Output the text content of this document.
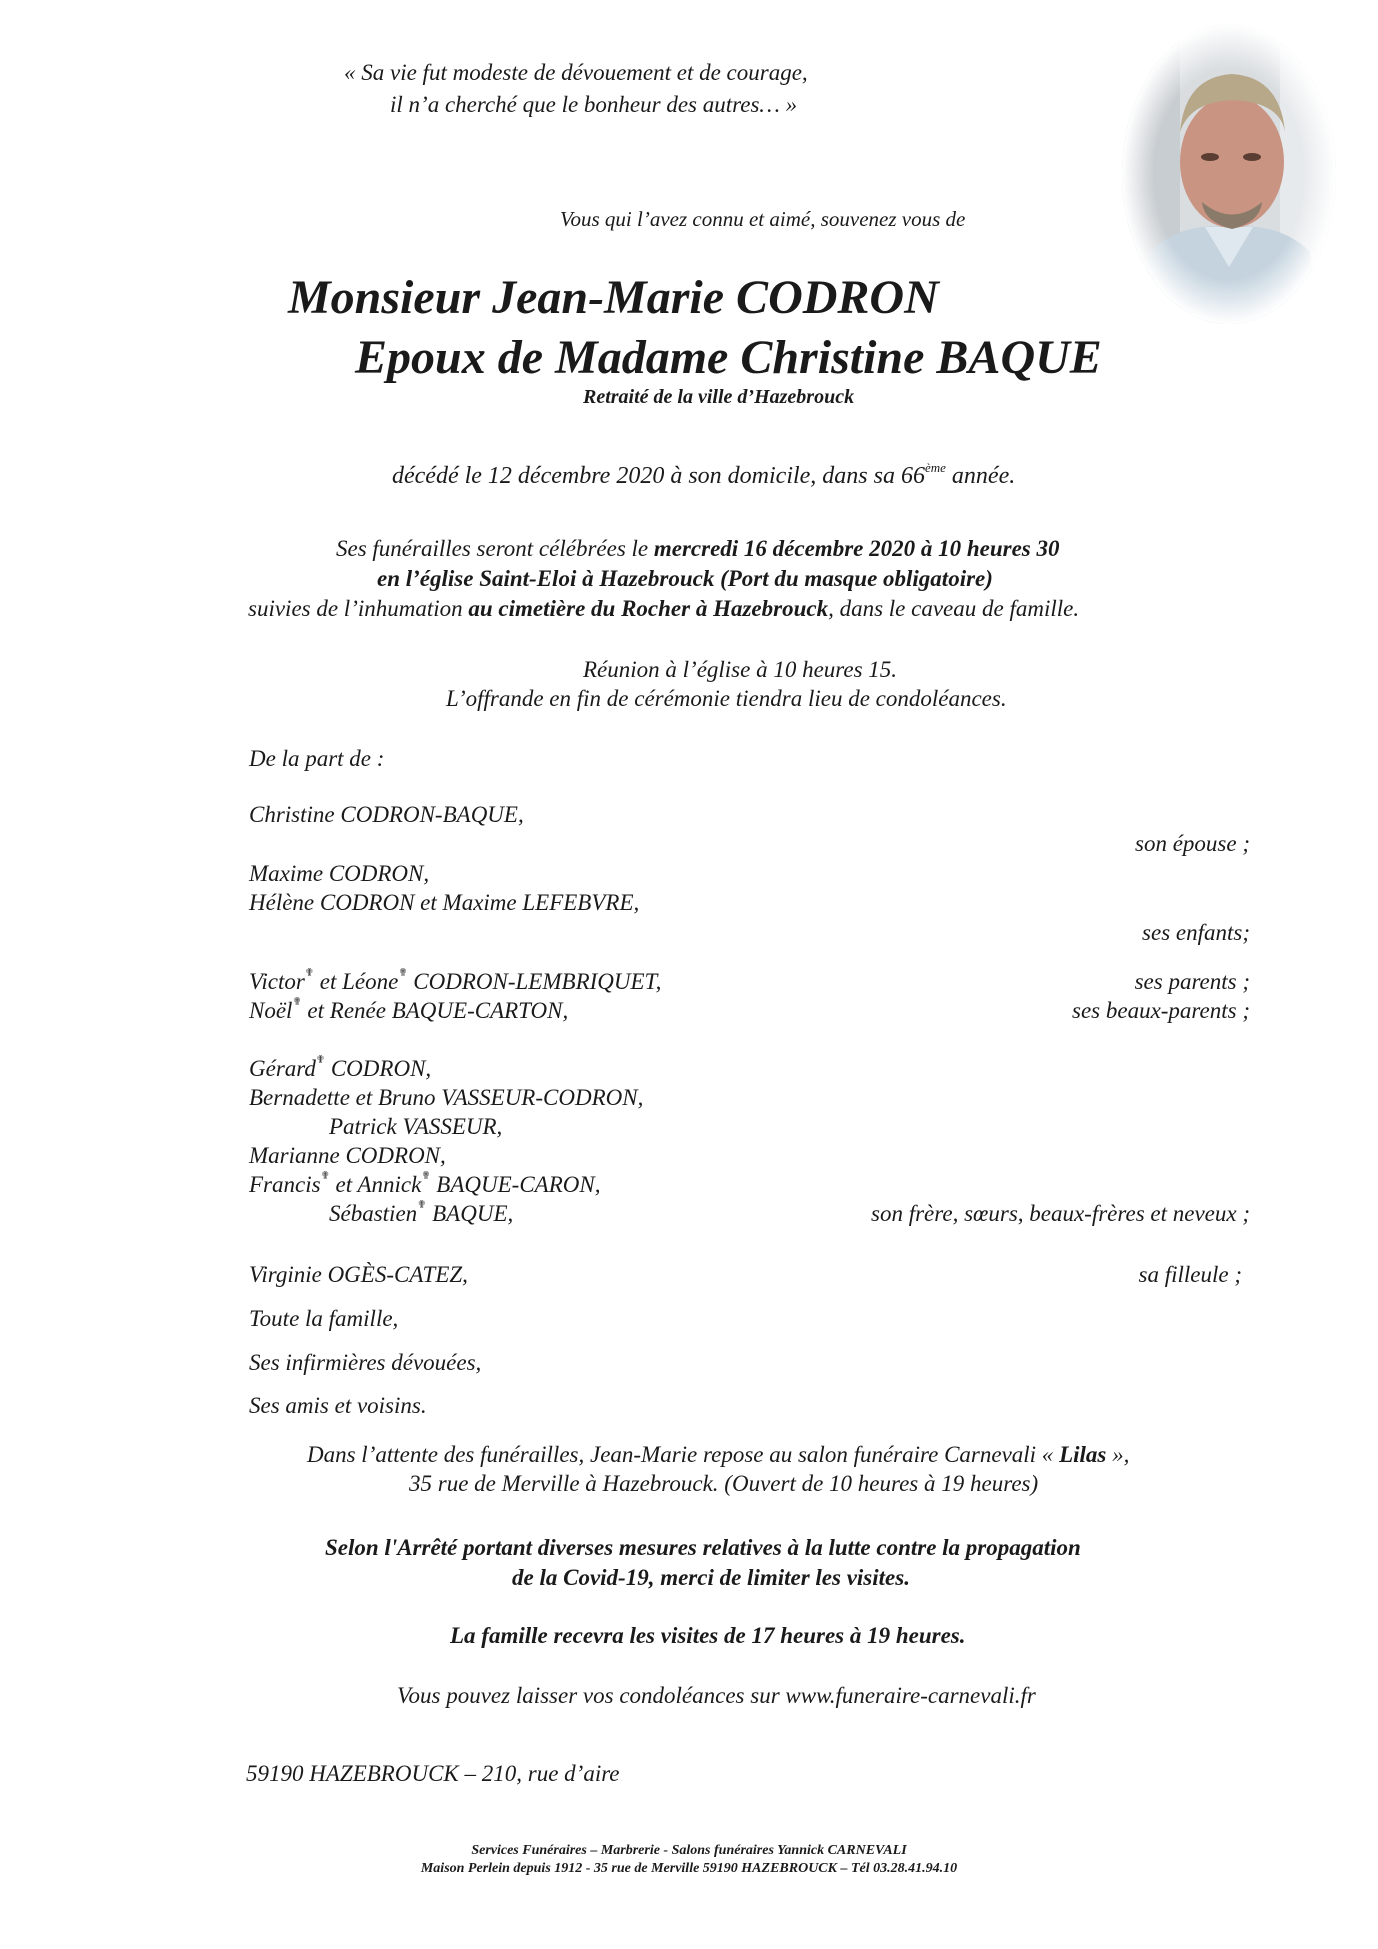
« Sa vie fut modeste de dévouement et de courage,
il n’a cherché que le bonheur des autres… »
Vous qui l’avez connu et aimé, souvenez vous de
Monsieur Jean-Marie CODRON
Epoux de Madame Christine BAQUE
Retraité de la ville d’Hazebrouck
décédé le 12 décembre 2020 à son domicile, dans sa 66ème année.
Ses funérailles seront célébrées le mercredi 16 décembre 2020 à 10 heures 30
en l’église Saint-Eloi à Hazebrouck (Port du masque obligatoire)
suivies de l’inhumation au cimetière du Rocher à Hazebrouck, dans le caveau de famille.
Réunion à l’église à 10 heures 15.
L’offrande en fin de cérémonie tiendra lieu de condoléances.
De la part de :
Christine CODRON-BAQUE,
son épouse ;
Maxime CODRON,
Hélène CODRON et Maxime LEFEBVRE,
ses enfants;
Victor✟ et Léone✟ CODRON-LEMBRIQUET,	ses parents ;
Noël✟ et Renée BAQUE-CARTON,	ses beaux-parents ;
Gérard✟ CODRON,
Bernadette et Bruno VASSEUR-CODRON,
Patrick VASSEUR,
Marianne CODRON,
Francis✟ et Annick✟ BAQUE-CARON,
Sébastien✟ BAQUE,	son frère, sœurs, beaux-frères et neveux ;
Virginie OGÈS-CATEZ,	sa filleule ;
Toute la famille,
Ses infirmières dévouées,
Ses amis et voisins.
Dans l’attente des funérailles, Jean-Marie repose au salon funéraire Carnevali « Lilas »,
35 rue de Merville à Hazebrouck. (Ouvert de 10 heures à 19 heures)
Selon l'Arrêté portant diverses mesures relatives à la lutte contre la propagation
de la Covid-19, merci de limiter les visites.
La famille recevra les visites de 17 heures à 19 heures.
Vous pouvez laisser vos condoléances sur www.funeraire-carnevali.fr
59190 HAZEBROUCK – 210, rue d’aire
Services Funéraires – Marbrerie - Salons funéraires Yannick CARNEVALI
Maison Perlein depuis 1912 - 35 rue de Merville 59190 HAZEBROUCK – Tél 03.28.41.94.10
